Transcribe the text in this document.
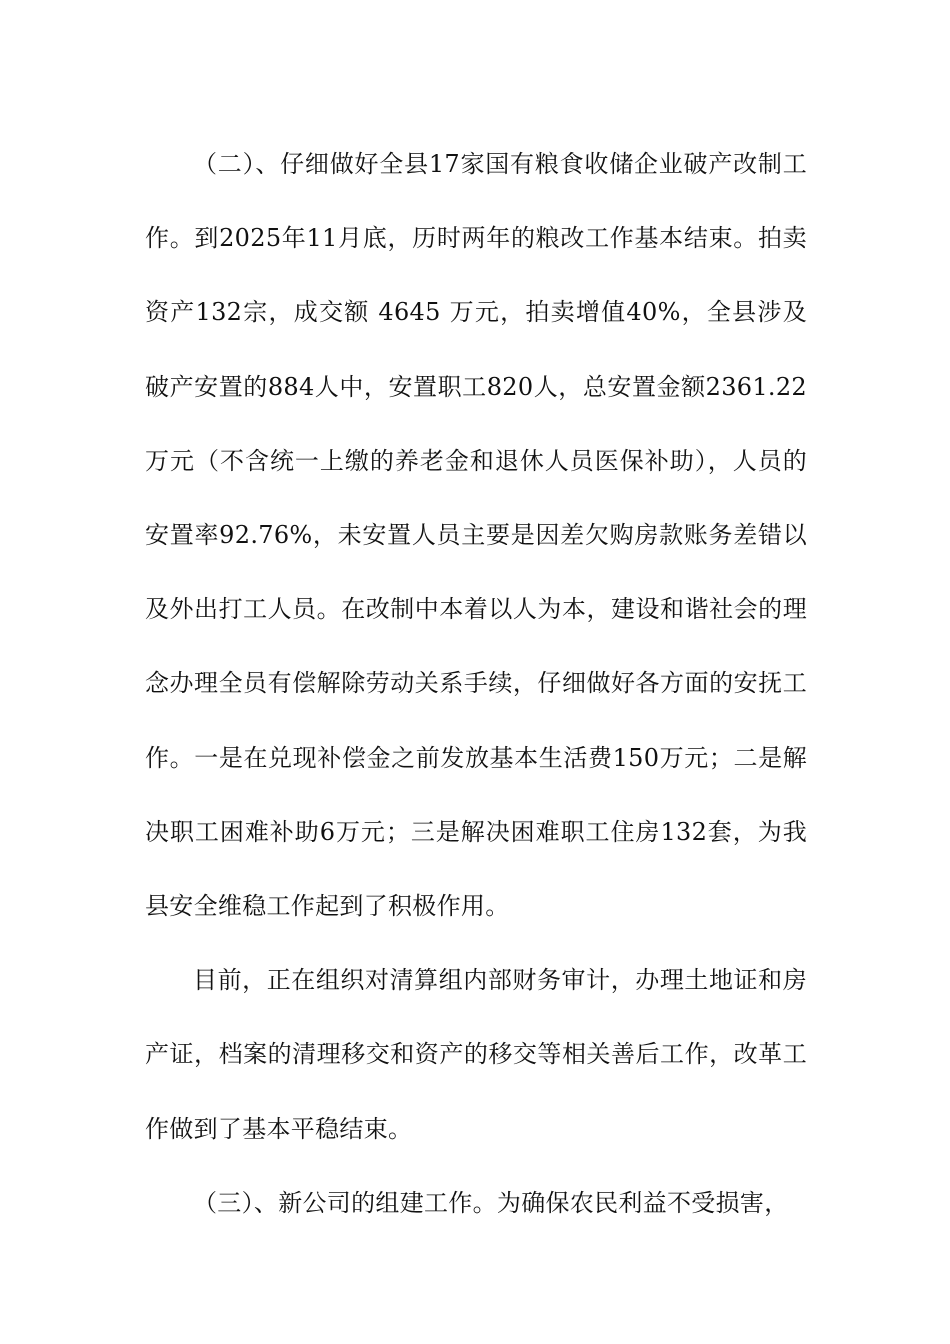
（二）、仔细做好全县17家国有粮食收储企业破产改制工作。到2025年11月底，历时两年的粮改工作基本结束。拍卖资产132宗，成交额 4645 万元，拍卖增值40%，全县涉及破产安置的884人中，安置职工820人，总安置金额2361.22万元（不含统一上缴的养老金和退休人员医保补助），人员的安置率92.76%，未安置人员主要是因差欠购房款账务差错以及外出打工人员。在改制中本着以人为本，建设和谐社会的理念办理全员有偿解除劳动关系手续，仔细做好各方面的安抚工作。一是在兑现补偿金之前发放基本生活费150万元；二是解决职工困难补助6万元；三是解决困难职工住房132套，为我县安全维稳工作起到了积极作用。

目前，正在组织对清算组内部财务审计，办理土地证和房产证，档案的清理移交和资产的移交等相关善后工作，改革工作做到了基本平稳结束。

（三）、新公司的组建工作。为确保农民利益不受损害，
